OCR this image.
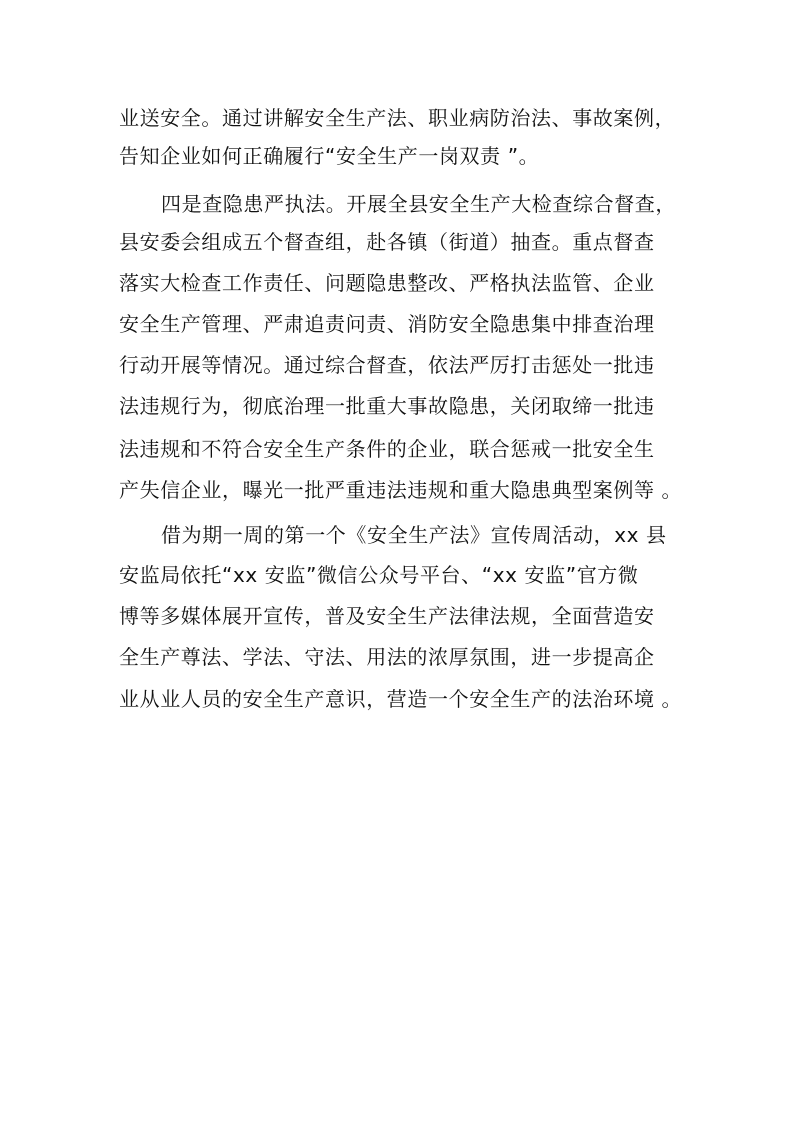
业送安全。通过讲解安全生产法、职业病防治法、事故案例，
告知企业如何正确履行“安全生产一岗双责 ”。
四是查隐患严执法。开展全县安全生产大检查综合督查，
县安委会组成五个督查组，赴各镇（街道）抽查。重点督查
落实大检查工作责任、问题隐患整改、严格执法监管、企业
安全生产管理、严肃追责问责、消防安全隐患集中排查治理
行动开展等情况。通过综合督查，依法严厉打击惩处一批违
法违规行为，彻底治理一批重大事故隐患，关闭取缔一批违
法违规和不符合安全生产条件的企业，联合惩戒一批安全生
产失信企业，曝光一批严重违法违规和重大隐患典型案例等 。
借为期一周的第一个《安全生产法》宣传周活动，xx 县
安监局依托“xx 安监”微信公众号平台、“xx 安监”官方微
博等多媒体展开宣传，普及安全生产法律法规，全面营造安
全生产尊法、学法、守法、用法的浓厚氛围，进一步提高企
业从业人员的安全生产意识，营造一个安全生产的法治环境 。
